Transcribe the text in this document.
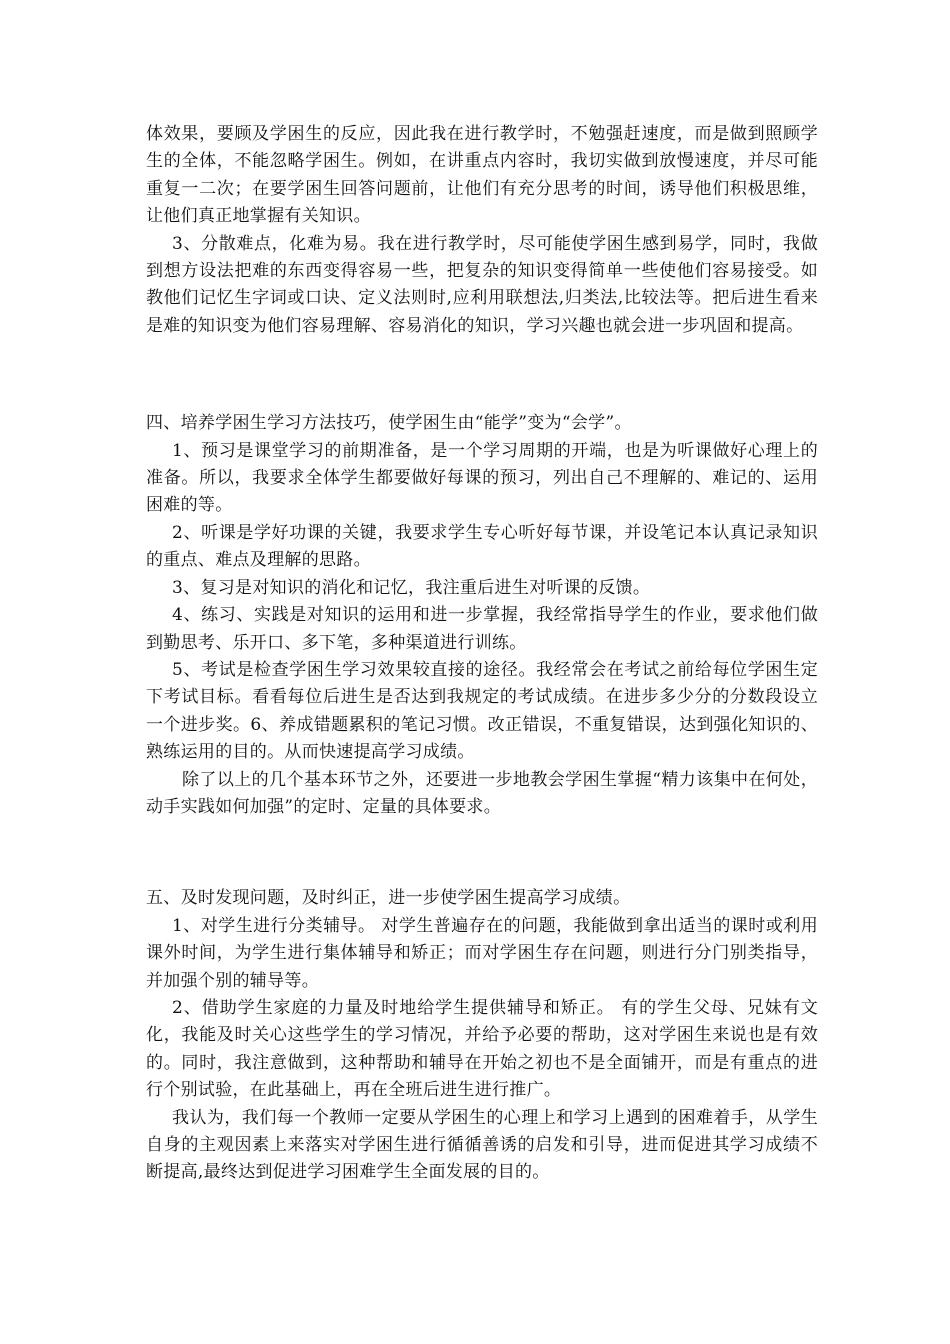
体效果，要顾及学困生的反应，因此我在进行教学时，不勉强赶速度，而是做到照顾学生的全体，不能忽略学困生。例如，在讲重点内容时，我切实做到放慢速度，并尽可能重复一二次；在要学困生回答问题前，让他们有充分思考的时间，诱导他们积极思维，让他们真正地掌握有关知识。

3、分散难点，化难为易。我在进行教学时，尽可能使学困生感到易学，同时，我做到想方设法把难的东西变得容易一些，把复杂的知识变得简单一些使他们容易接受。如教他们记忆生字词或口诀、定义法则时,应利用联想法,归类法,比较法等。把后进生看来是难的知识变为他们容易理解、容易消化的知识，学习兴趣也就会进一步巩固和提高。

四、培养学困生学习方法技巧，使学困生由“能学”变为“会学”。

1、预习是课堂学习的前期准备，是一个学习周期的开端，也是为听课做好心理上的准备。所以，我要求全体学生都要做好每课的预习，列出自己不理解的、难记的、运用困难的等。

2、听课是学好功课的关键，我要求学生专心听好每节课，并设笔记本认真记录知识的重点、难点及理解的思路。

3、复习是对知识的消化和记忆，我注重后进生对听课的反馈。

4、练习、实践是对知识的运用和进一步掌握，我经常指导学生的作业，要求他们做到勤思考、乐开口、多下笔，多种渠道进行训练。

5、考试是检查学困生学习效果较直接的途径。我经常会在考试之前给每位学困生定下考试目标。看看每位后进生是否达到我规定的考试成绩。在进步多少分的分数段设立一个进步奖。6、养成错题累积的笔记习惯。改正错误，不重复错误，达到强化知识的、熟练运用的目的。从而快速提高学习成绩。

除了以上的几个基本环节之外，还要进一步地教会学困生掌握“精力该集中在何处，动手实践如何加强”的定时、定量的具体要求。

五、及时发现问题，及时纠正，进一步使学困生提高学习成绩。

1、对学生进行分类辅导。 对学生普遍存在的问题，我能做到拿出适当的课时或利用课外时间，为学生进行集体辅导和矫正；而对学困生存在问题，则进行分门别类指导，并加强个别的辅导等。

2、借助学生家庭的力量及时地给学生提供辅导和矫正。 有的学生父母、兄妹有文化，我能及时关心这些学生的学习情况，并给予必要的帮助，这对学困生来说也是有效的。同时，我注意做到，这种帮助和辅导在开始之初也不是全面铺开，而是有重点的进行个别试验，在此基础上，再在全班后进生进行推广。

我认为，我们每一个教师一定要从学困生的心理上和学习上遇到的困难着手，从学生自身的主观因素上来落实对学困生进行循循善诱的启发和引导，进而促进其学习成绩不断提高,最终达到促进学习困难学生全面发展的目的。
